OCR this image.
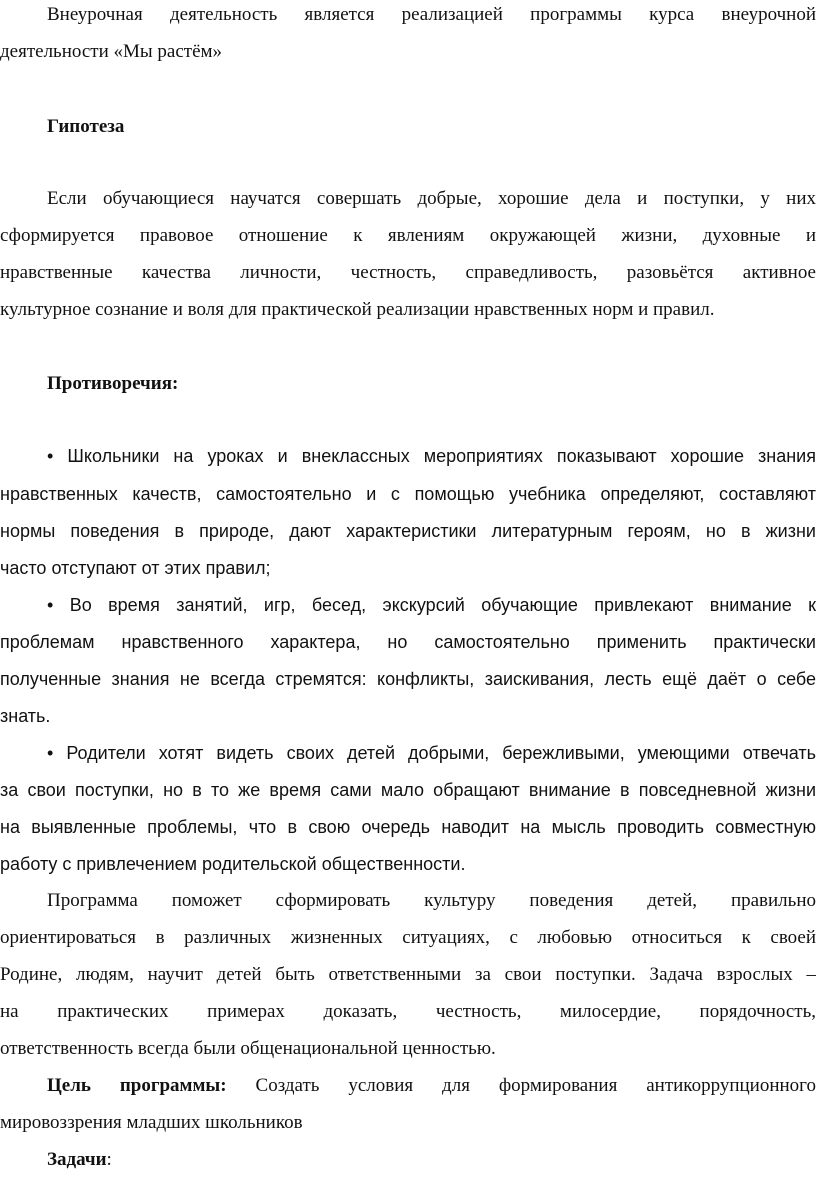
Внеурочная деятельность является реализацией программы курса внеурочной

деятельности «Мы растём»

Гипотеза

Если обучающиеся научатся совершать добрые, хорошие дела и поступки, у них

сформируется правовое отношение к явлениям окружающей жизни, духовные и

нравственные качества личности, честность, справедливость, разовьётся активное

культурное сознание и воля для практической реализации нравственных норм и правил.

Противоречия:

• Школьники на уроках и внеклассных мероприятиях показывают хорошие знания

нравственных качеств, самостоятельно и с помощью учебника определяют, составляют

нормы поведения в природе, дают характеристики литературным героям, но в жизни

часто отступают от этих правил;

• Во время занятий, игр, бесед, экскурсий обучающие привлекают внимание к

проблемам нравственного характера, но самостоятельно применить практически

полученные знания не всегда стремятся: конфликты, заискивания, лесть ещё даёт о себе

знать.

• Родители хотят видеть своих детей добрыми, бережливыми, умеющими отвечать

за свои поступки, но в то же время сами мало обращают внимание в повседневной жизни

на выявленные проблемы, что в свою очередь наводит на мысль проводить совместную

работу с привлечением родительской общественности.

Программа поможет сформировать культуру поведения детей, правильно

ориентироваться в различных жизненных ситуациях, с любовью относиться к своей

Родине, людям, научит детей быть ответственными за свои поступки. Задача взрослых –

на практических примерах доказать, честность, милосердие, порядочность,

ответственность всегда были общенациональной ценностью.

Цель программы: Создать условия для формирования антикоррупционного

мировоззрения младших школьников

Задачи:
